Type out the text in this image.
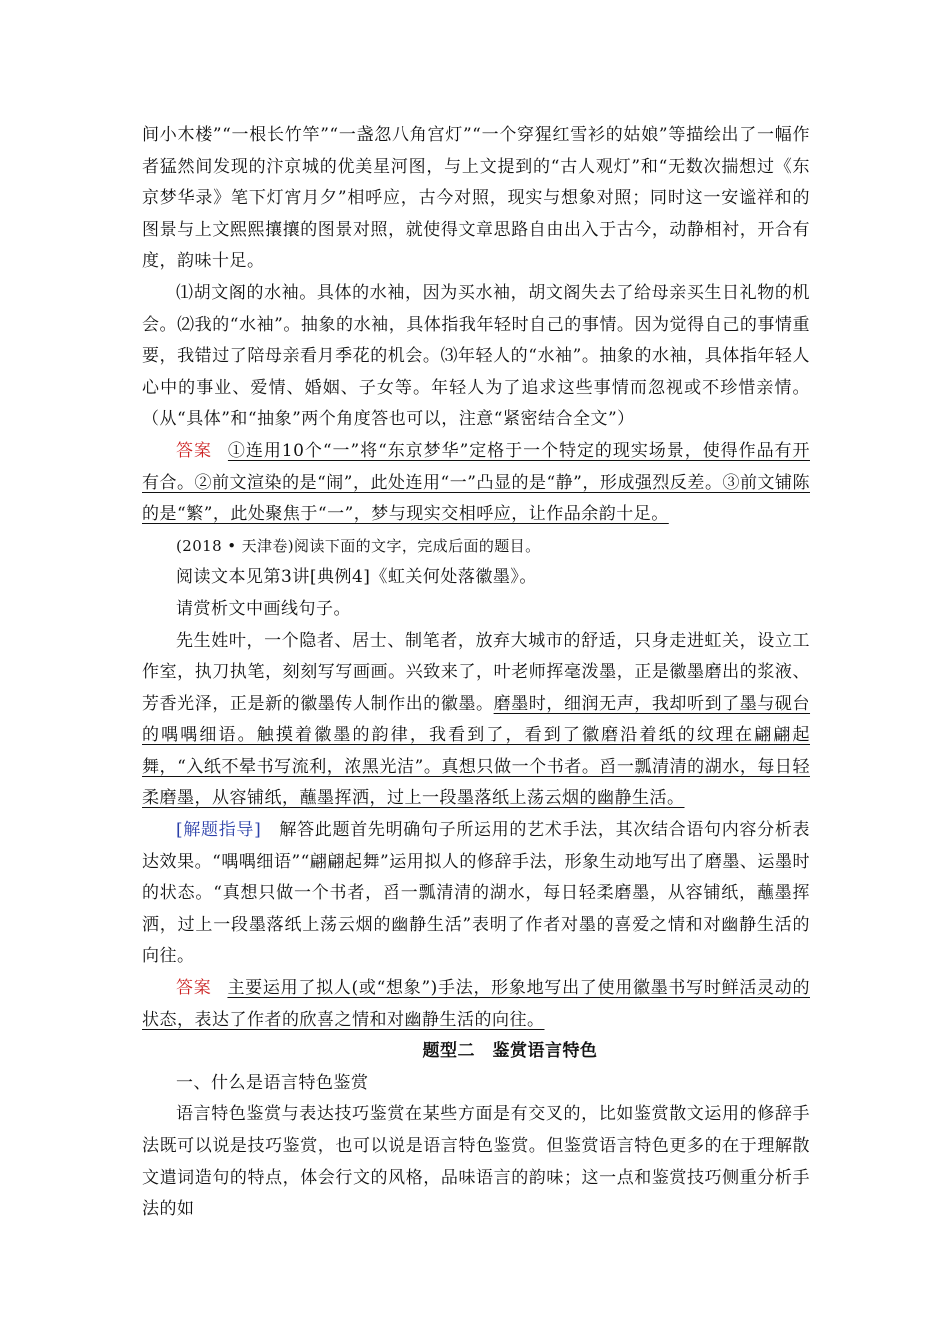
间小木楼”“一根长竹竿”“一盏忽八角宫灯”“一个穿猩红雪衫的姑娘”等描绘出了一幅作者猛然间发现的汴京城的优美星河图，与上文提到的“古人观灯”和“无数次揣想过《东京梦华录》笔下灯宵月夕”相呼应，古今对照，现实与想象对照；同时这一安谧祥和的图景与上文熙熙攘攘的图景对照，就使得文章思路自由出入于古今，动静相衬，开合有度，韵味十足。

⑴胡文阁的水袖。具体的水袖，因为买水袖，胡文阁失去了给母亲买生日礼物的机会。⑵我的“水袖”。抽象的水袖，具体指我年轻时自己的事情。因为觉得自己的事情重要，我错过了陪母亲看月季花的机会。⑶年轻人的“水袖”。抽象的水袖，具体指年轻人心中的事业、爱情、婚姻、子女等。年轻人为了追求这些事情而忽视或不珍惜亲情。（从“具体”和“抽象”两个角度答也可以，注意“紧密结合全文”）

答案 ①连用10个“一”将“东京梦华”定格于一个特定的现实场景，使得作品有开有合。②前文渲染的是“闹”，此处连用“一”凸显的是“静”，形成强烈反差。③前文铺陈的是“繁”，此处聚焦于“一”，梦与现实交相呼应，让作品余韵十足。

(2018 • 天津卷)阅读下面的文字，完成后面的题目。

阅读文本见第3讲[典例4]《虹关何处落徽墨》。

请赏析文中画线句子。

先生姓叶，一个隐者、居士、制笔者，放弃大城市的舒适，只身走进虹关，设立工作室，执刀执笔，刻刻写写画画。兴致来了，叶老师挥毫泼墨，正是徽墨磨出的浆液、芳香光泽，正是新的徽墨传人制作出的徽墨。磨墨时，细润无声，我却听到了墨与砚台的喁喁细语。触摸着徽墨的韵律，我看到了，看到了徽磨沿着纸的纹理在翩翩起舞，“入纸不晕书写流利，浓黑光洁”。真想只做一个书者。舀一瓢清清的湖水，每日轻柔磨墨，从容铺纸，蘸墨挥洒，过上一段墨落纸上荡云烟的幽静生活。

[解题指导] 解答此题首先明确句子所运用的艺术手法，其次结合语句内容分析表达效果。“喁喁细语”“翩翩起舞”运用拟人的修辞手法，形象生动地写出了磨墨、运墨时的状态。“真想只做一个书者，舀一瓢清清的湖水，每日轻柔磨墨，从容铺纸，蘸墨挥洒，过上一段墨落纸上荡云烟的幽静生活”表明了作者对墨的喜爱之情和对幽静生活的向往。

答案 主要运用了拟人(或“想象”)手法，形象地写出了使用徽墨书写时鲜活灵动的状态，表达了作者的欣喜之情和对幽静生活的向往。

题型二　鉴赏语言特色

一、什么是语言特色鉴赏

语言特色鉴赏与表达技巧鉴赏在某些方面是有交叉的，比如鉴赏散文运用的修辞手法既可以说是技巧鉴赏，也可以说是语言特色鉴赏。但鉴赏语言特色更多的在于理解散文遣词造句的特点，体会行文的风格，品味语言的韵味；这一点和鉴赏技巧侧重分析手法的如
